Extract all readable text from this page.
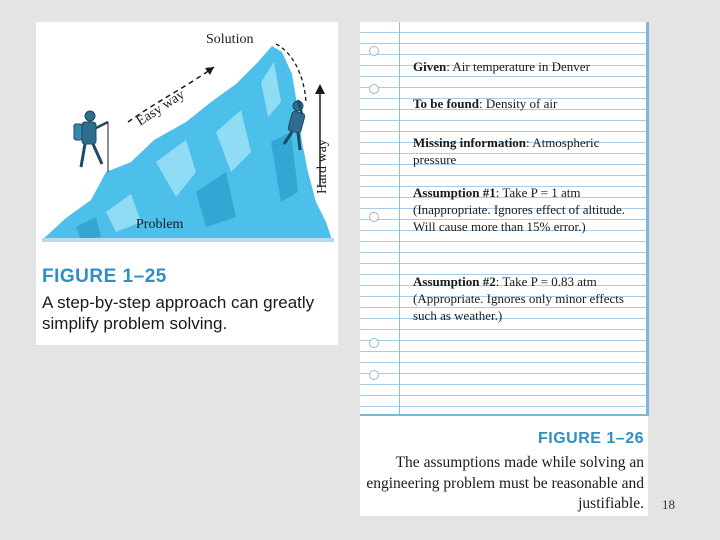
Solution
Easy way
Hard way
Problem
FIGURE 1–25
A step-by-step approach can greatly simplify problem solving.
Given: Air temperature in Denver
To be found: Density of air
Missing information: Atmospheric pressure
Assumption #1: Take P = 1 atm (Inappropriate. Ignores effect of altitude. Will cause more than 15% error.)
Assumption #2: Take P = 0.83 atm (Appropriate. Ignores only minor effects such as weather.)
FIGURE 1–26
The assumptions made while solving an engineering problem must be reasonable and justifiable. 18
